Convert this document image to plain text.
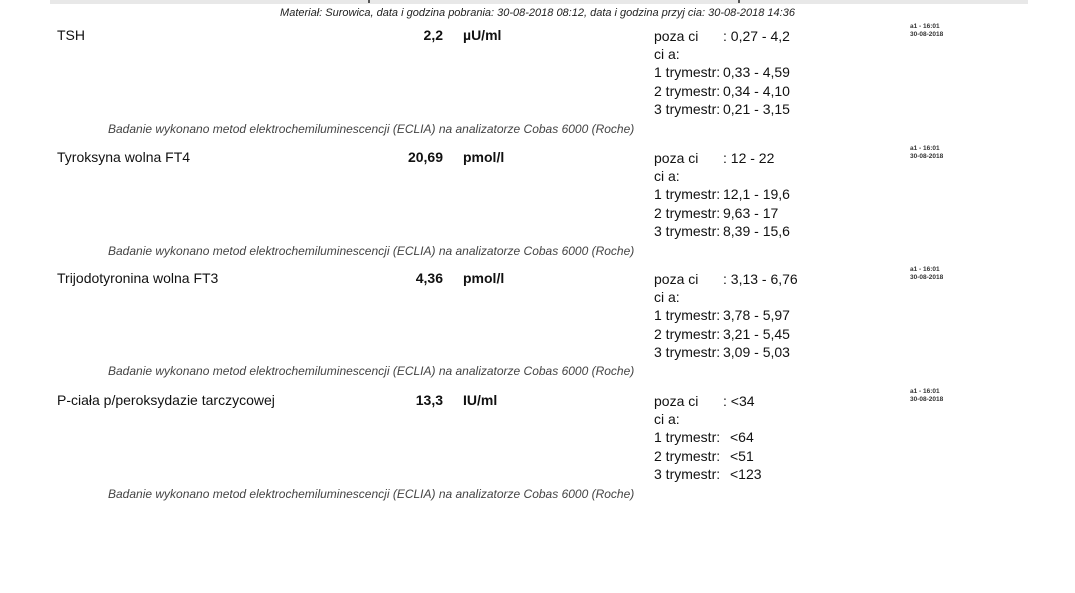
Materiał: Surowica, data i godzina pobrania: 30-08-2018 08:12, data i godzina przyj cia: 30-08-2018 14:36
TSH	2,2 µU/ml	poza ci	: 0,27 - 4,2
ci a:
1 trymestr: 0,33 - 4,59
2 trymestr: 0,34 - 4,10
3 trymestr: 0,21 - 3,15
a1 - 16:01
30-08-2018
Badanie wykonano metod elektrochemiluminescencji (ECLIA) na analizatorze Cobas 6000 (Roche)
Tyroksyna wolna FT4	20,69 pmol/l	poza ci	: 12 - 22
ci a:
1 trymestr: 12,1 - 19,6
2 trymestr: 9,63 - 17
3 trymestr: 8,39 - 15,6
a1 - 16:01
30-08-2018
Badanie wykonano metod elektrochemiluminescencji (ECLIA) na analizatorze Cobas 6000 (Roche)
Trijodotyronina wolna FT3	4,36 pmol/l	poza ci	: 3,13 - 6,76
ci a:
1 trymestr: 3,78 - 5,97
2 trymestr: 3,21 - 5,45
3 trymestr: 3,09 - 5,03
a1 - 16:01
30-08-2018
Badanie wykonano metod elektrochemiluminescencji (ECLIA) na analizatorze Cobas 6000 (Roche)
P-ciała p/peroksydazie tarczycowej	13,3 IU/ml	poza ci	: <34
ci a:
1 trymestr: <64
2 trymestr: <51
3 trymestr: <123
a1 - 16:01
30-08-2018
Badanie wykonano metod elektrochemiluminescencji (ECLIA) na analizatorze Cobas 6000 (Roche)
